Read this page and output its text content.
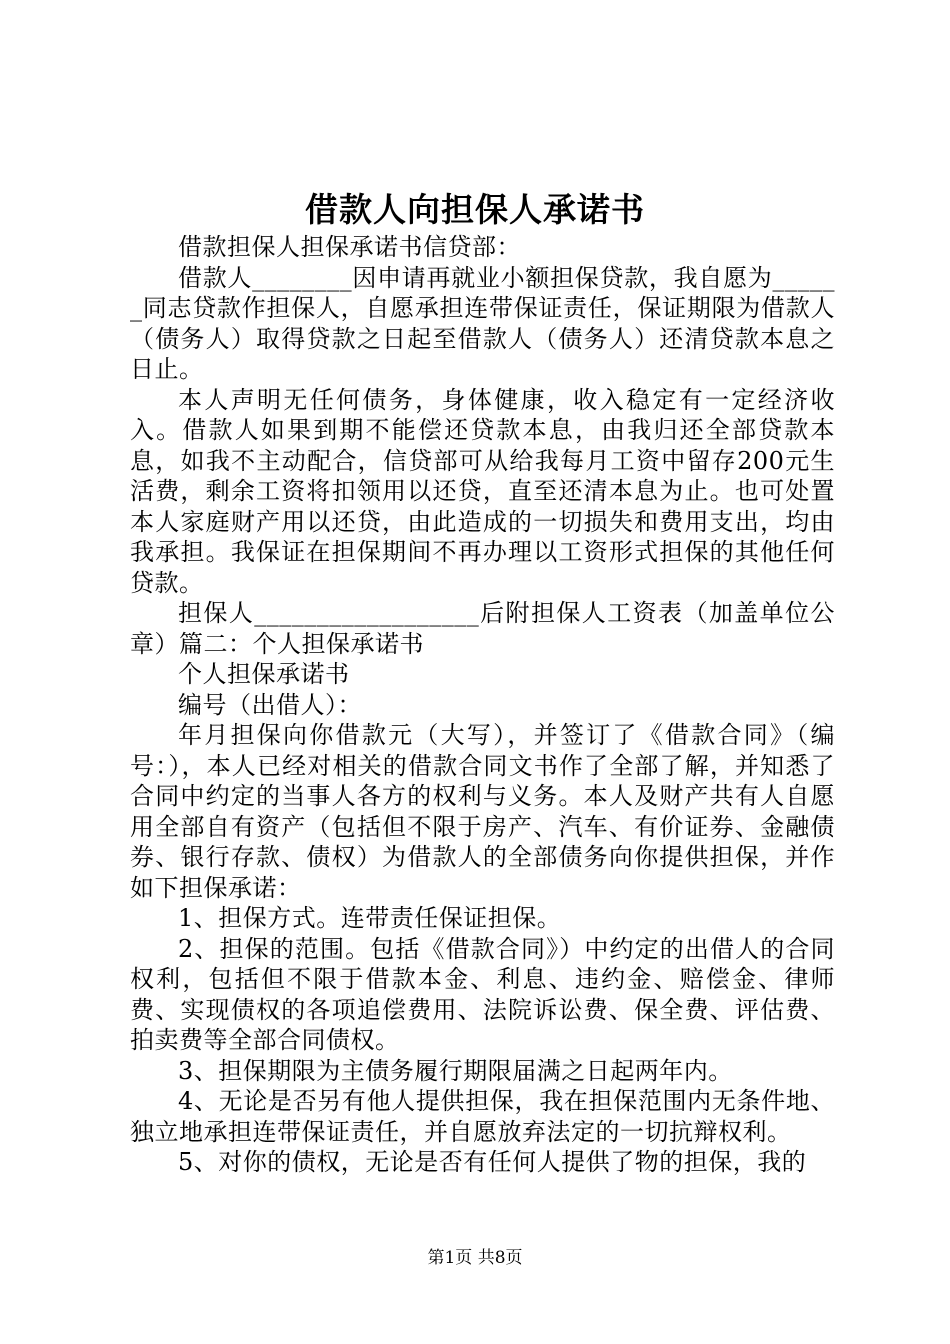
借款人向担保人承诺书

借款担保人担保承诺书信贷部：

借款人________因申请再就业小额担保贷款，我自愿为______同志贷款作担保人，自愿承担连带保证责任，保证期限为借款人（债务人）取得贷款之日起至借款人（债务人）还清贷款本息之日止。

本人声明无任何债务，身体健康，收入稳定有一定经济收入。借款人如果到期不能偿还贷款本息，由我归还全部贷款本息，如我不主动配合，信贷部可从给我每月工资中留存200元生活费，剩余工资将扣领用以还贷，直至还清本息为止。也可处置本人家庭财产用以还贷，由此造成的一切损失和费用支出，均由我承担。我保证在担保期间不再办理以工资形式担保的其他任何贷款。

担保人__________________后附担保人工资表（加盖单位公章）篇二：个人担保承诺书

个人担保承诺书

编号（出借人）：

年月担保向你借款元（大写），并签订了《借款合同》（编号：），本人已经对相关的借款合同文书作了全部了解，并知悉了合同中约定的当事人各方的权利与义务。本人及财产共有人自愿用全部自有资产（包括但不限于房产、汽车、有价证券、金融债券、银行存款、债权）为借款人的全部债务向你提供担保，并作如下担保承诺：

1、担保方式。连带责任保证担保。

2、担保的范围。包括《借款合同》）中约定的出借人的合同权利，包括但不限于借款本金、利息、违约金、赔偿金、律师费、实现债权的各项追偿费用、法院诉讼费、保全费、评估费、拍卖费等全部合同债权。

3、担保期限为主债务履行期限届满之日起两年内。

4、无论是否另有他人提供担保，我在担保范围内无条件地、独立地承担连带保证责任，并自愿放弃法定的一切抗辩权利。

5、对你的债权，无论是否有任何人提供了物的担保，我的

第1页 共8页
